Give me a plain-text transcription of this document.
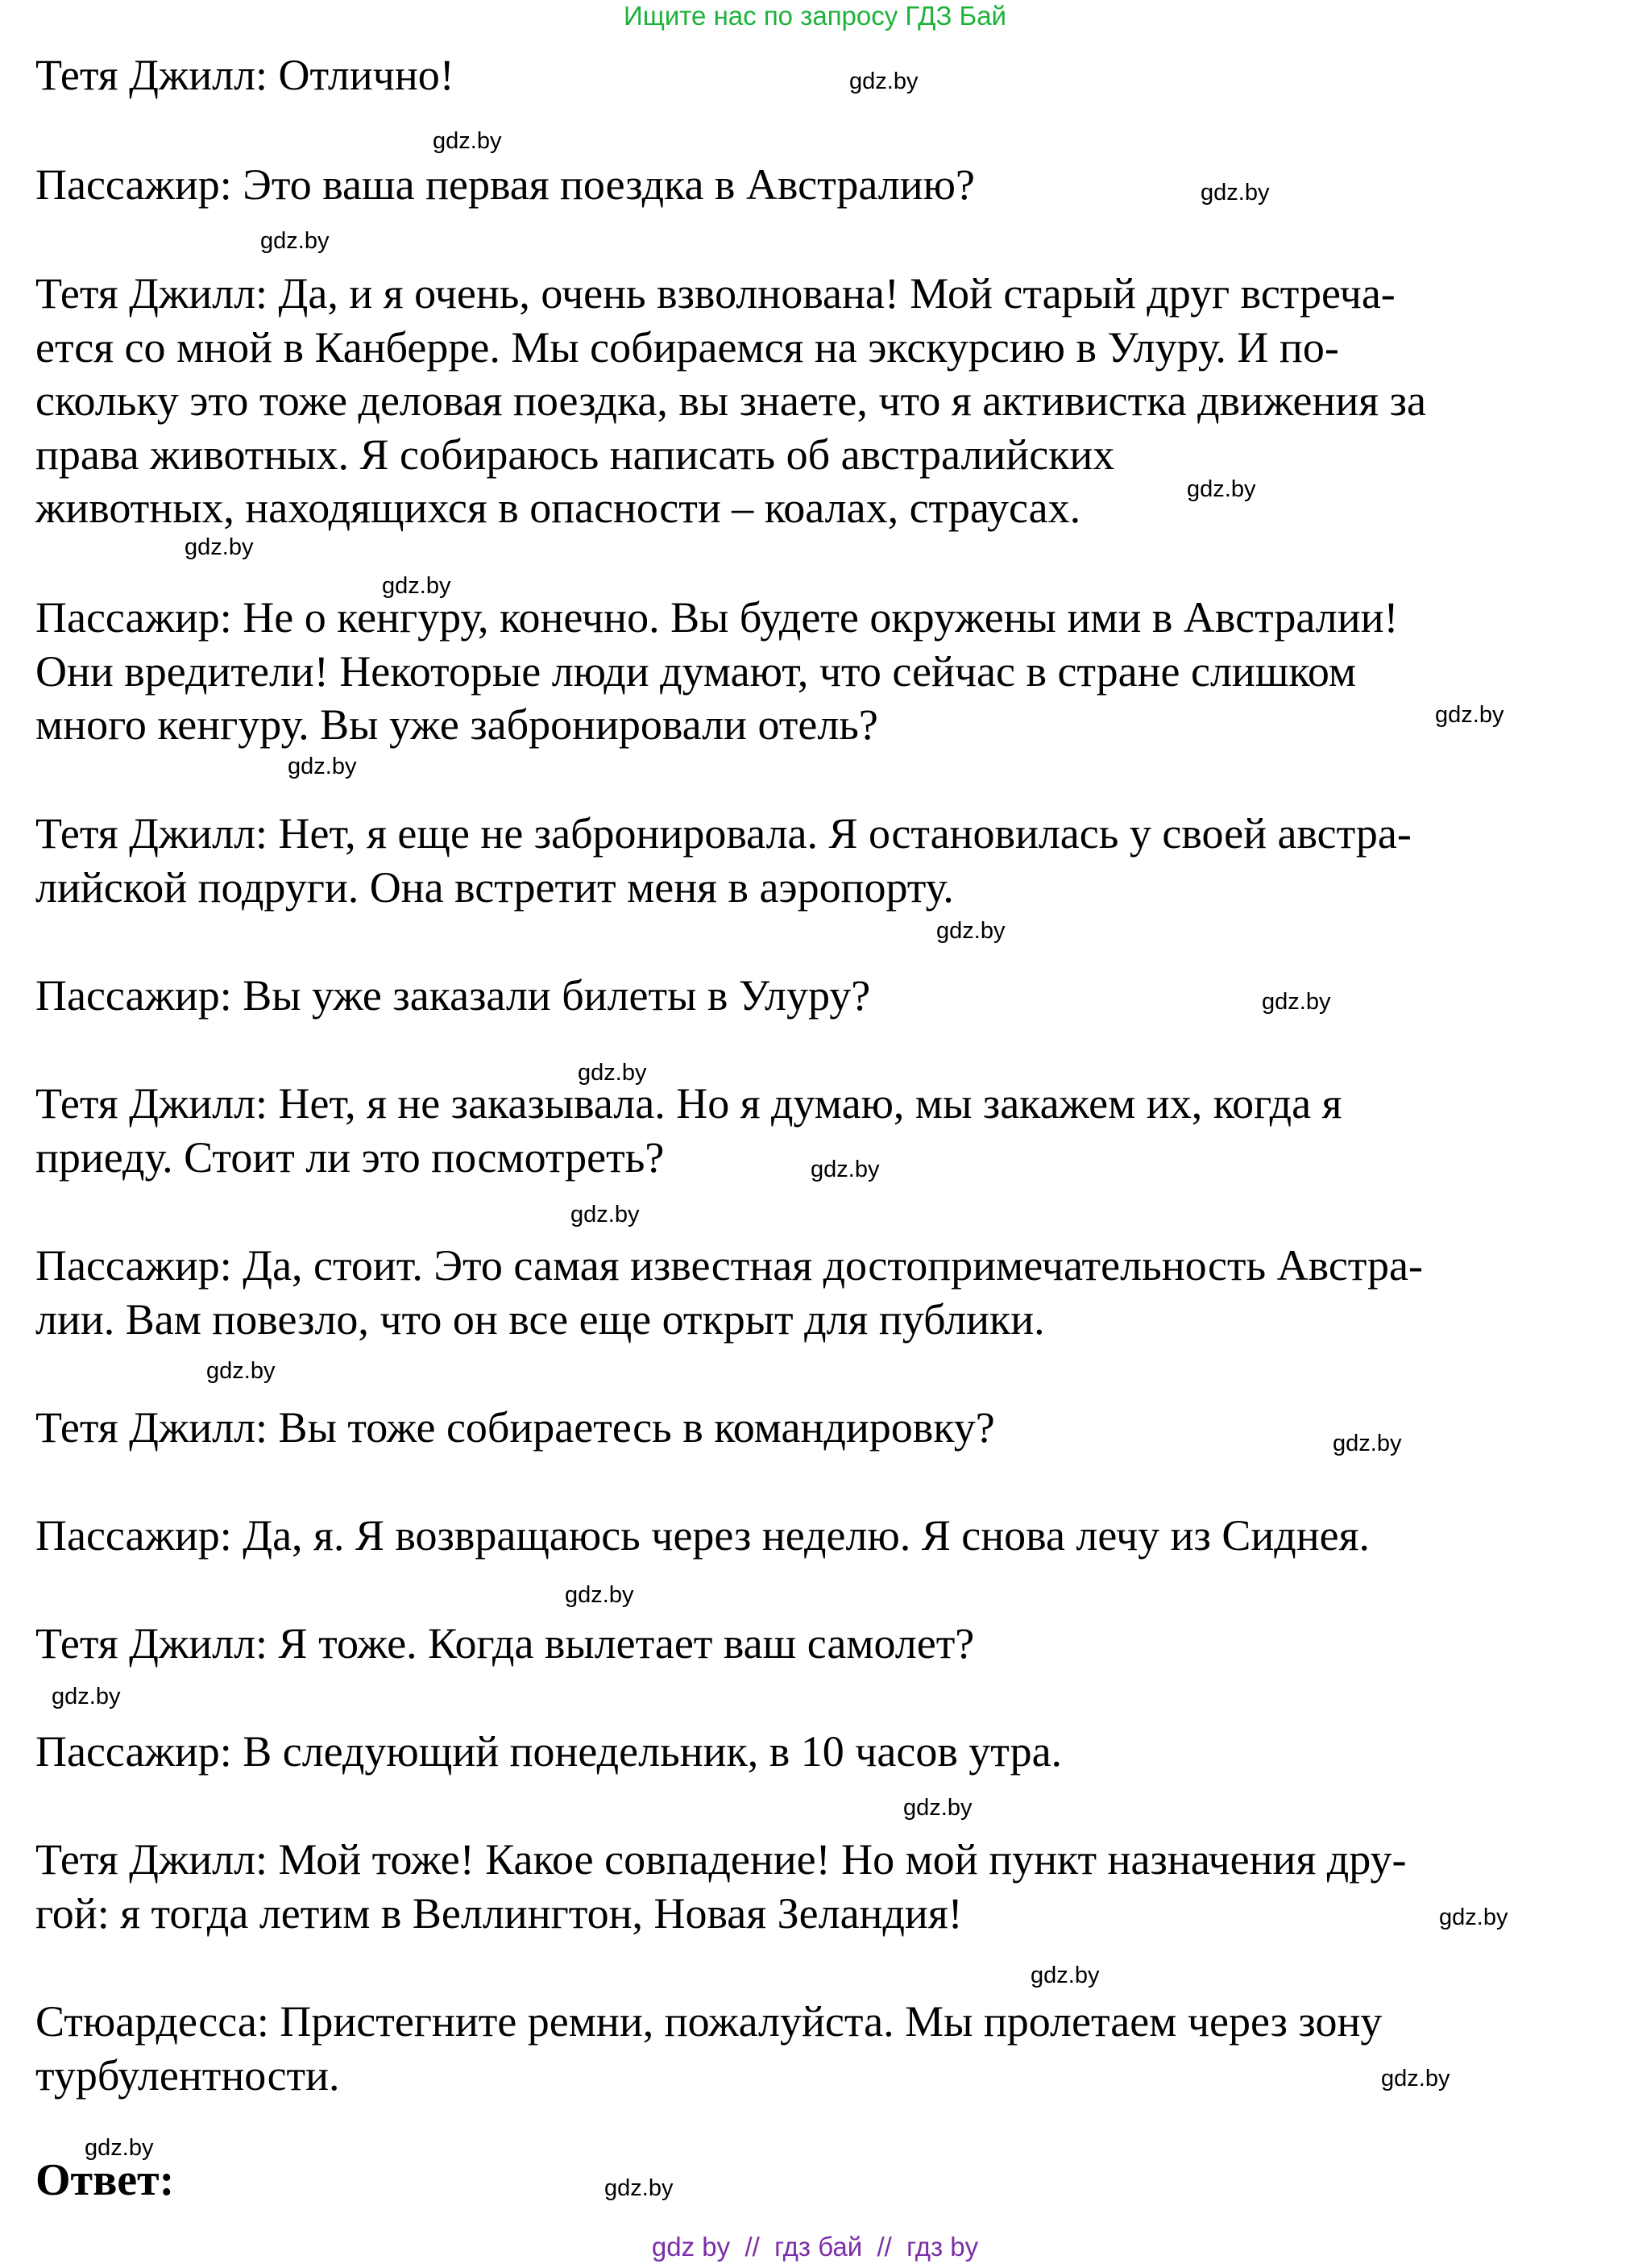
Ищите нас по запросу ГДЗ Бай

Тетя Джилл: Отлично!

Пассажир: Это ваша первая поездка в Австралию?

Тетя Джилл: Да, и я очень, очень взволнована! Мой старый друг встреча-
ется со мной в Канберре. Мы собираемся на экскурсию в Улуру. И по-
скольку это тоже деловая поездка, вы знаете, что я активистка движения за
права животных. Я собираюсь написать об австралийских
животных, находящихся в опасности – коалах, страусах.

Пассажир: Не о кенгуру, конечно. Вы будете окружены ими в Австралии!
Они вредители! Некоторые люди думают, что сейчас в стране слишком
много кенгуру. Вы уже забронировали отель?

Тетя Джилл: Нет, я еще не забронировала. Я остановилась у своей австра-
лийской подруги. Она встретит меня в аэропорту.

Пассажир: Вы уже заказали билеты в Улуру?

Тетя Джилл: Нет, я не заказывала. Но я думаю, мы закажем их, когда я
приеду. Стоит ли это посмотреть?

Пассажир: Да, стоит. Это самая известная достопримечательность Австра-
лии. Вам повезло, что он все еще открыт для публики.

Тетя Джилл: Вы тоже собираетесь в командировку?

Пассажир: Да, я. Я возвращаюсь через неделю. Я снова лечу из Сиднея.

Тетя Джилл: Я тоже. Когда вылетает ваш самолет?

Пассажир: В следующий понедельник, в 10 часов утра.

Тетя Джилл: Мой тоже! Какое совпадение! Но мой пункт назначения дру-
гой: я тогда летим в Веллингтон, Новая Зеландия!

Стюардесса: Пристегните ремни, пожалуйста. Мы пролетаем через зону
турбулентности.

Ответ:
gdz.by
gdz.by
gdz.by
gdz.by
gdz.by
gdz.by
gdz.by
gdz.by
gdz.by
gdz.by
gdz.by
gdz.by
gdz.by
gdz.by
gdz.by
gdz.by
gdz.by
gdz.by
gdz.by
gdz.by
gdz.by
gdz.by
gdz.by
gdz.by
gdz by  //  гдз бай  //  гдз by
